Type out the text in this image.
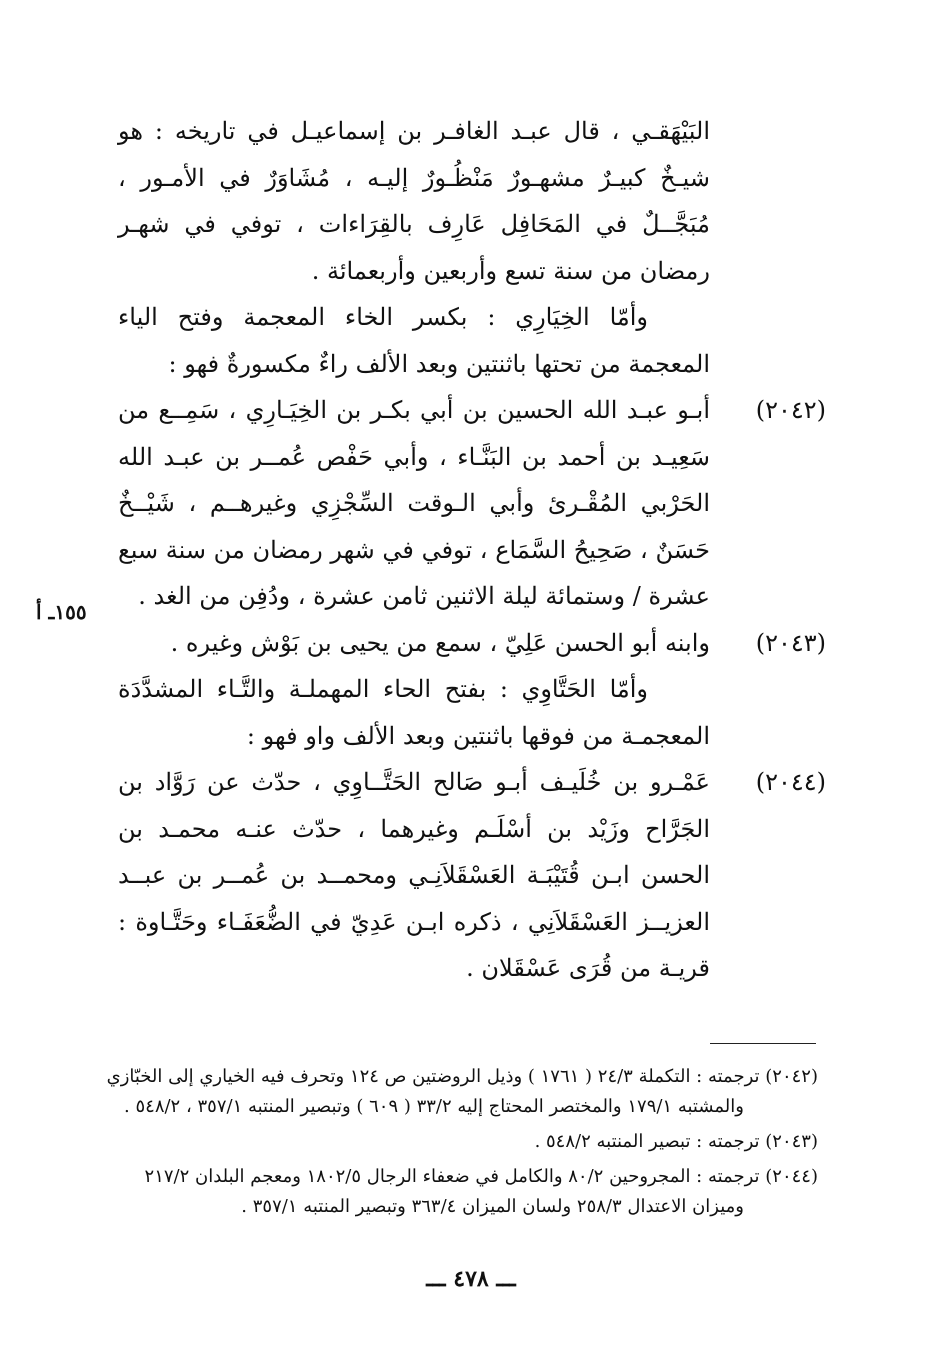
البَيْهَقـي ، قال عبـد الغافـر بن إسماعيـل في تاريخه : هو شيـخٌ كبيـرٌ مشهـورٌ مَنْظُـورٌ إليـه ، مُشَاوَرٌ في الأمـور ، مُبَجَّــلٌ في المَحَافِل عَارِف بالقِرَاءات ، توفي في شهـر رمضان من سنة تسع وأربعين وأربعمائة .

وأمّا الخِيَارِي : بكسر الخاء المعجمة وفتح الياء المعجمة من تحتها باثنتين وبعد الألف راءٌ مكسورةٌ فهو :

(٢٠٤٢)

أبـو عبـد الله الحسين بن أبي بكـر بن الخِيَـارِي ، سَمِــع من سَعِيـد بن أحمد بن البَنَّـاء ، وأبي حَفْص عُمــر بن عبـد الله الحَرْبي المُقْـرئ وأبي الـوقت السِّجْزِي وغيرهــم ، شَيْــخٌ حَسَنٌ ، صَحِيحُ السَّمَاع ، توفي في شهر رمضان من سنة سبع عشرة / وستمائة ليلة الاثنين ثامن عشرة ، ودُفِن من الغد .

(٢٠٤٣)

وابنه أبو الحسن عَلِيّ ، سمع من يحيى بن بَوْش وغيره .

وأمّا الحَتَّاوِي : بفتح الحاء المهملـة والتَّـاء المشدَّدَة المعجمـة من فوقها باثنتين وبعد الألف واو فهو :

(٢٠٤٤)

عَمْـرو بن خُلَيـف أبـو صَالح الحَتَّــاوِي ، حدّث عن رَوَّاد بن الجَرَّاح وزَيْد بن أسْلَـم وغيرهما ، حدّث عنـه محمـد بن الحسن ابـن قُتَيْبَـة العَسْقَلاَنِـي ومحمــد بن عُمــر بن عبــد العزيــز العَسْقَلاَنِي ، ذكره ابـن عَدِيّ في الضُّعَفَـاء وحَتَّـاوة : قريـة من قُرَى عَسْقَلان .

١٥٥ـ أ

(٢٠٤٢) ترجمته : التكملة ٢٤/٣ ( ١٧٦١ ) وذيل الروضتين ص ١٢٤ وتحرف فيه الخياري إلى الخبّازي
والمشتبه ١٧٩/١ والمختصر المحتاج إليه ٣٣/٢ ( ٦٠٩ ) وتبصير المنتبه ٣٥٧/١ ، ٥٤٨/٢ .

(٢٠٤٣) ترجمته : تبصير المنتبه ٥٤٨/٢ .

(٢٠٤٤) ترجمته : المجروحين ٨٠/٢ والكامل في ضعفاء الرجال ١٨٠٢/٥ ومعجم البلدان ٢١٧/٢
وميزان الاعتدال ٢٥٨/٣ ولسان الميزان ٣٦٣/٤ وتبصير المنتبه ٣٥٧/١ .

ـــ ٤٧٨ ـــ
